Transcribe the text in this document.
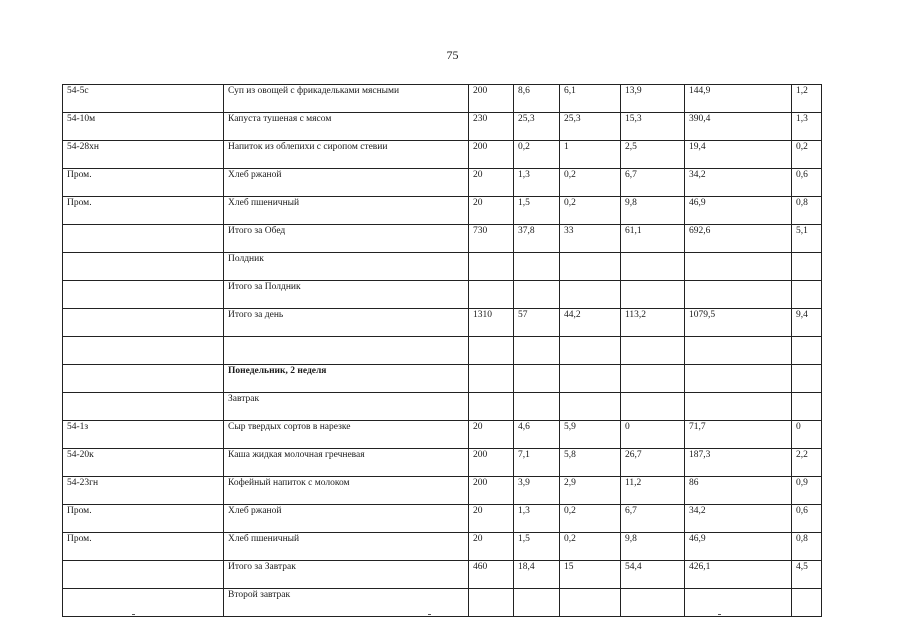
75
54-5с	Суп из овощей с фрикадельками мясными	200	8,6	6,1	13,9	144,9	1,2
54-10м	Капуста тушеная с мясом	230	25,3	25,3	15,3	390,4	1,3
54-28хн	Напиток из облепихи с сиропом стевии	200	0,2	1	2,5	19,4	0,2
Пром.	Хлеб ржаной	20	1,3	0,2	6,7	34,2	0,6
Пром.	Хлеб пшеничный	20	1,5	0,2	9,8	46,9	0,8
	Итого за Обед	730	37,8	33	61,1	692,6	5,1
	Полдник						
	Итого за Полдник						
	Итого за день	1310	57	44,2	113,2	1079,5	9,4

	Понедельник, 2 неделя						
	Завтрак						
54-1з	Сыр твердых сортов в нарезке	20	4,6	5,9	0	71,7	0
54-20к	Каша жидкая молочная гречневая	200	7,1	5,8	26,7	187,3	2,2
54-23гн	Кофейный напиток с молоком	200	3,9	2,9	11,2	86	0,9
Пром.	Хлеб ржаной	20	1,3	0,2	6,7	34,2	0,6
Пром.	Хлеб пшеничный	20	1,5	0,2	9,8	46,9	0,8
	Итого за Завтрак	460	18,4	15	54,4	426,1	4,5
	Второй завтрак						
